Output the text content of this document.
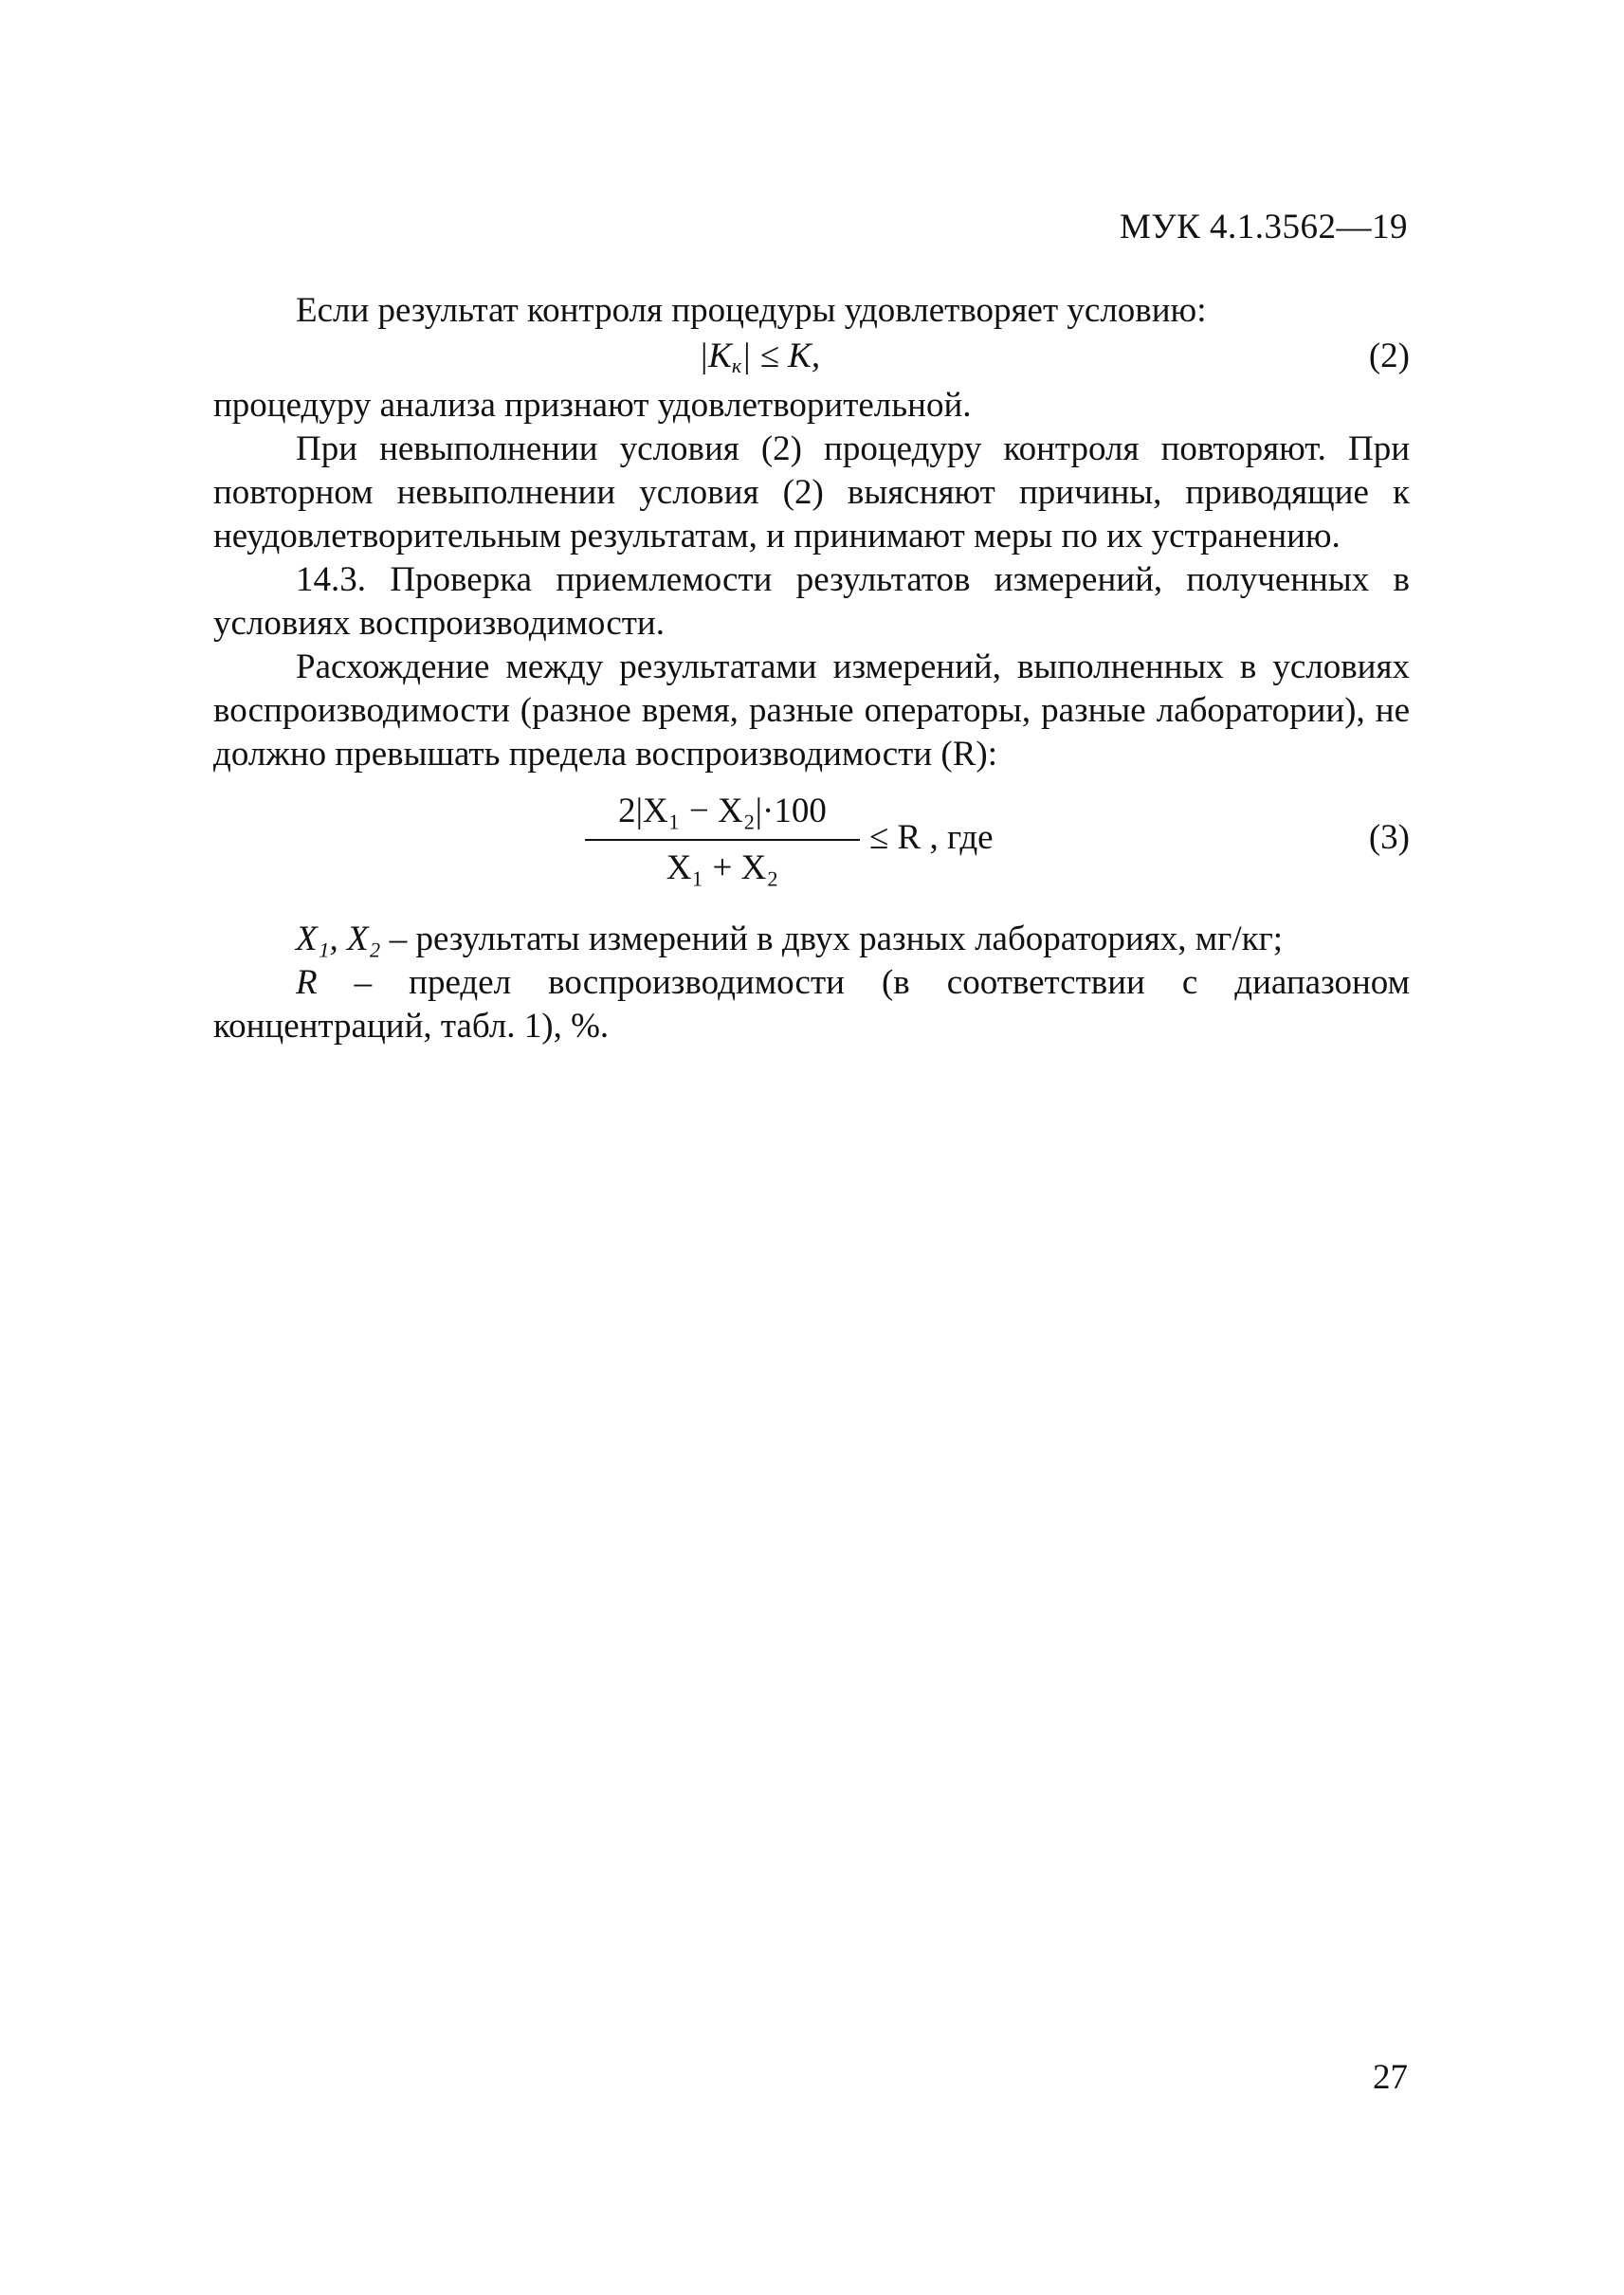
МУК 4.1.3562—19

Если результат контроля процедуры удовлетворяет условию:

$|K_к| \le K$,	(2)

процедуру анализа признают удовлетворительной.

При невыполнении условия (2) процедуру контроля повторяют. При повторном невыполнении условия (2) выясняют причины, приводящие к неудовлетворительным результатам, и принимают меры по их устранению.

14.3. Проверка приемлемости результатов измерений, полученных в условиях воспроизводимости.

Расхождение между результатами измерений, выполненных в условиях воспроизводимости (разное время, разные операторы, разные лаборатории), не должно превышать предела воспроизводимости (R):

$\frac{\text{2|X₁ − X₂|·100}}{\text{X₁ + X₂}} \le R$ , где	(3)

X₁, X₂ – результаты измерений в двух разных лабораториях, мг/кг;

R – предел воспроизводимости (в соответствии с диапазоном концентраций, табл. 1), %.

27
